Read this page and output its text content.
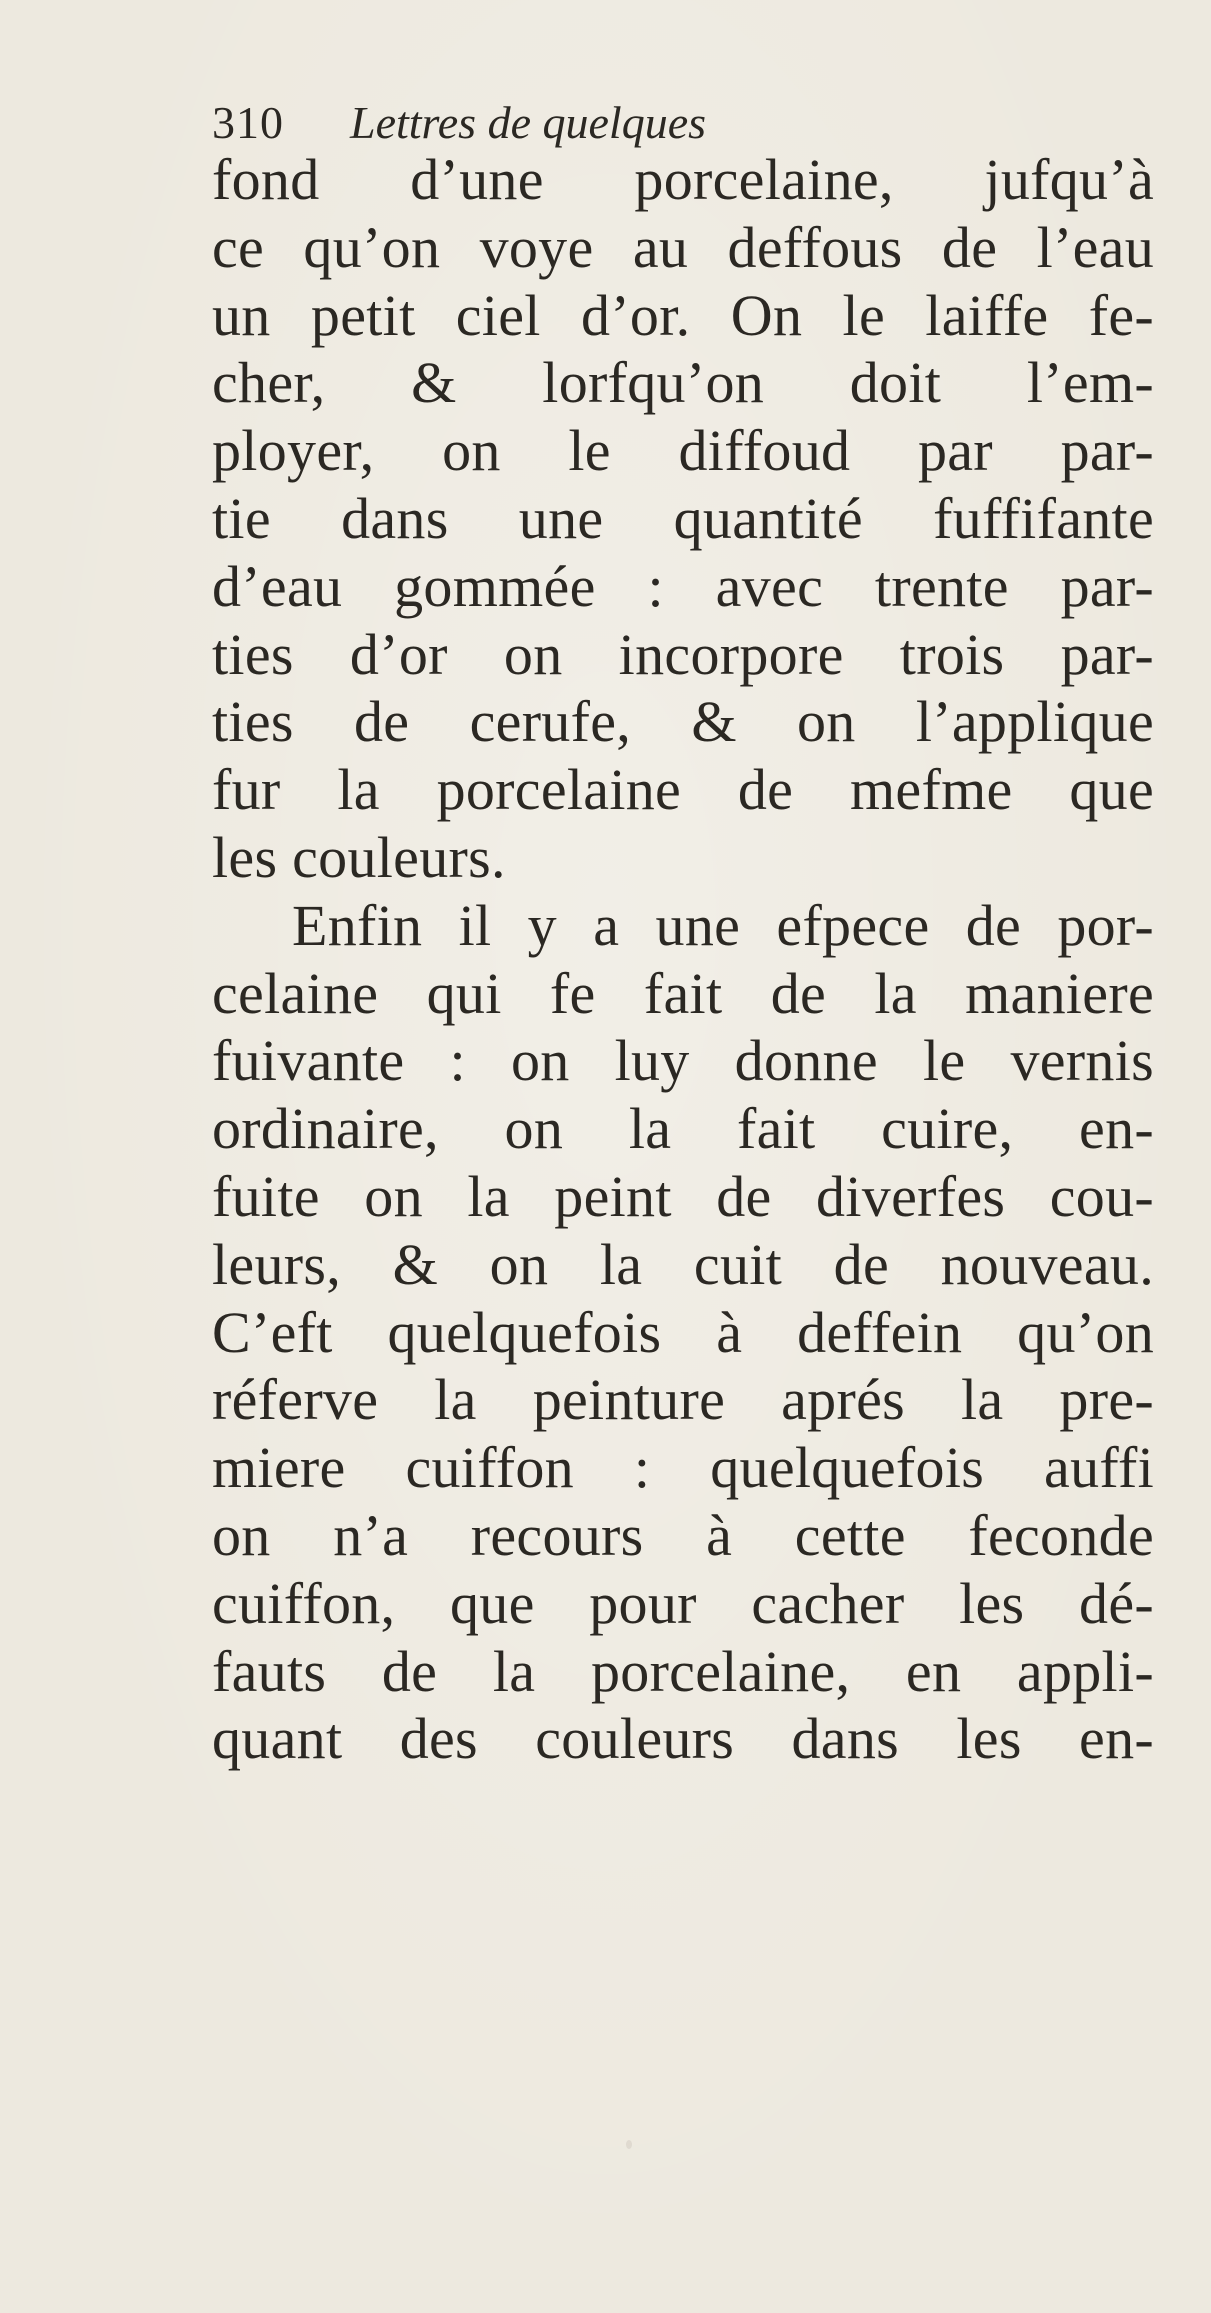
310 Lettres de quelques
fond d’une porcelaine, jufqu’à
ce qu’on voye au deffous de l’eau
un petit ciel d’or. On le laiffe fe-
cher, & lorfqu’on doit l’em-
ployer, on le diffoud par par-
tie dans une quantité fuffifante
d’eau gommée : avec trente par-
ties d’or on incorpore trois par-
ties de cerufe, & on l’applique
fur la porcelaine de mefme que
les couleurs.
Enfin il y a une efpece de por-
celaine qui fe fait de la maniere
fuivante : on luy donne le vernis
ordinaire, on la fait cuire, en-
fuite on la peint de diverfes cou-
leurs, & on la cuit de nouveau.
C’eft quelquefois à deffein qu’on
réferve la peinture aprés la pre-
miere cuiffon : quelquefois auffi
on n’a recours à cette feconde
cuiffon, que pour cacher les dé-
fauts de la porcelaine, en appli-
quant des couleurs dans les en-
